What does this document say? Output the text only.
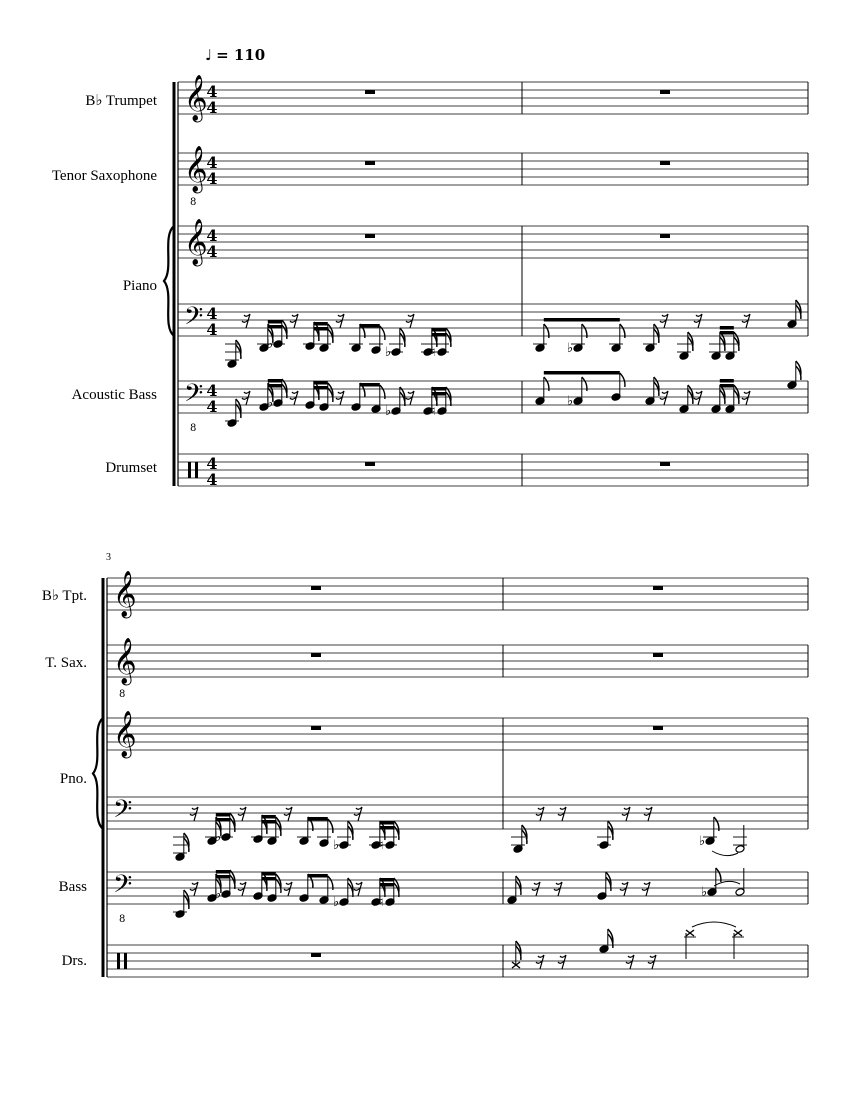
♩ = 110
B♭ Trumpet
Tenor Saxophone
Piano
Acoustic Bass
Drumset
3
B♭ Tpt.
T. Sax.
Pno.
Bass
Drs.
𝄞
4
4
𝄞
8
4
4
𝄞
4
4
𝄢 4
4
𝄢
8
4
4
4
4
𝄞
𝄞
8
𝄞
𝄢
𝄢
8
♭
♭	♮
♭
♭	♮
♭
♭	♮
♭
♭	♮
♭
♭
♭
♭
